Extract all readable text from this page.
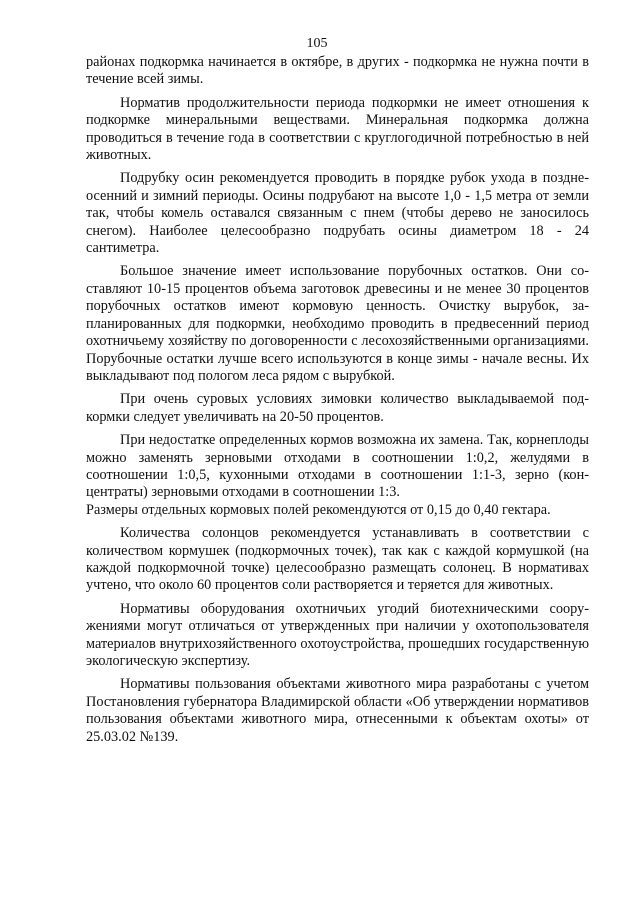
105

районах подкормка начинается в октябре, в других - подкормка не нужна почти в течение всей зимы.

Норматив продолжительности периода подкормки не имеет отношения к подкормке минеральными веществами. Минеральная подкормка должна проводиться в течение года в соответствии с круглогодичной потребностью в ней животных.

Подрубку осин рекомендуется проводить в порядке рубок ухода в позднеосенний и зимний периоды. Осины подрубают на высоте 1,0 - 1,5 метра от земли так, чтобы комель оставался связанным с пнем (чтобы дерево не заносилось снегом). Наиболее целесообразно подрубать осины диаметром 18 - 24 сантиметра.

Большое значение имеет использование порубочных остатков. Они составляют 10-15 процентов объема заготовок древесины и не менее 30 процентов порубочных остатков имеют кормовую ценность. Очистку вырубок, запланированных для подкормки, необходимо проводить в предвесенний период охотничьему хозяйству по договоренности с лесохозяйственными организациями. Порубочные остатки лучше всего используются в конце зимы - начале весны. Их выкладывают под пологом леса рядом с вырубкой.

При очень суровых условиях зимовки количество выкладываемой подкормки следует увеличивать на 20-50 процентов.

При недостатке определенных кормов возможна их замена. Так, корнеплоды можно заменять зерновыми отходами в соотношении 1:0,2, желудями в соотношении 1:0,5, кухонными отходами в соотношении 1:1-3, зерно (концентраты) зерновыми отходами в соотношении 1:3.

Размеры отдельных кормовых полей рекомендуются от 0,15 до 0,40 гектара.

Количества солонцов рекомендуется устанавливать в соответствии с количеством кормушек (подкормочных точек), так как с каждой кормушкой (на каждой подкормочной точке) целесообразно размещать солонец. В нормативах учтено, что около 60 процентов соли растворяется и теряется для животных.

Нормативы оборудования охотничьих угодий биотехническими сооружениями могут отличаться от утвержденных при наличии у охотопользователя материалов внутрихозяйственного охотоустройства, прошедших государственную экологическую экспертизу.

Нормативы пользования объектами животного мира разработаны с учетом Постановления губернатора Владимирской области «Об утверждении нормативов пользования объектами животного мира, отнесенными к объектам охоты» от 25.03.02 №139.
